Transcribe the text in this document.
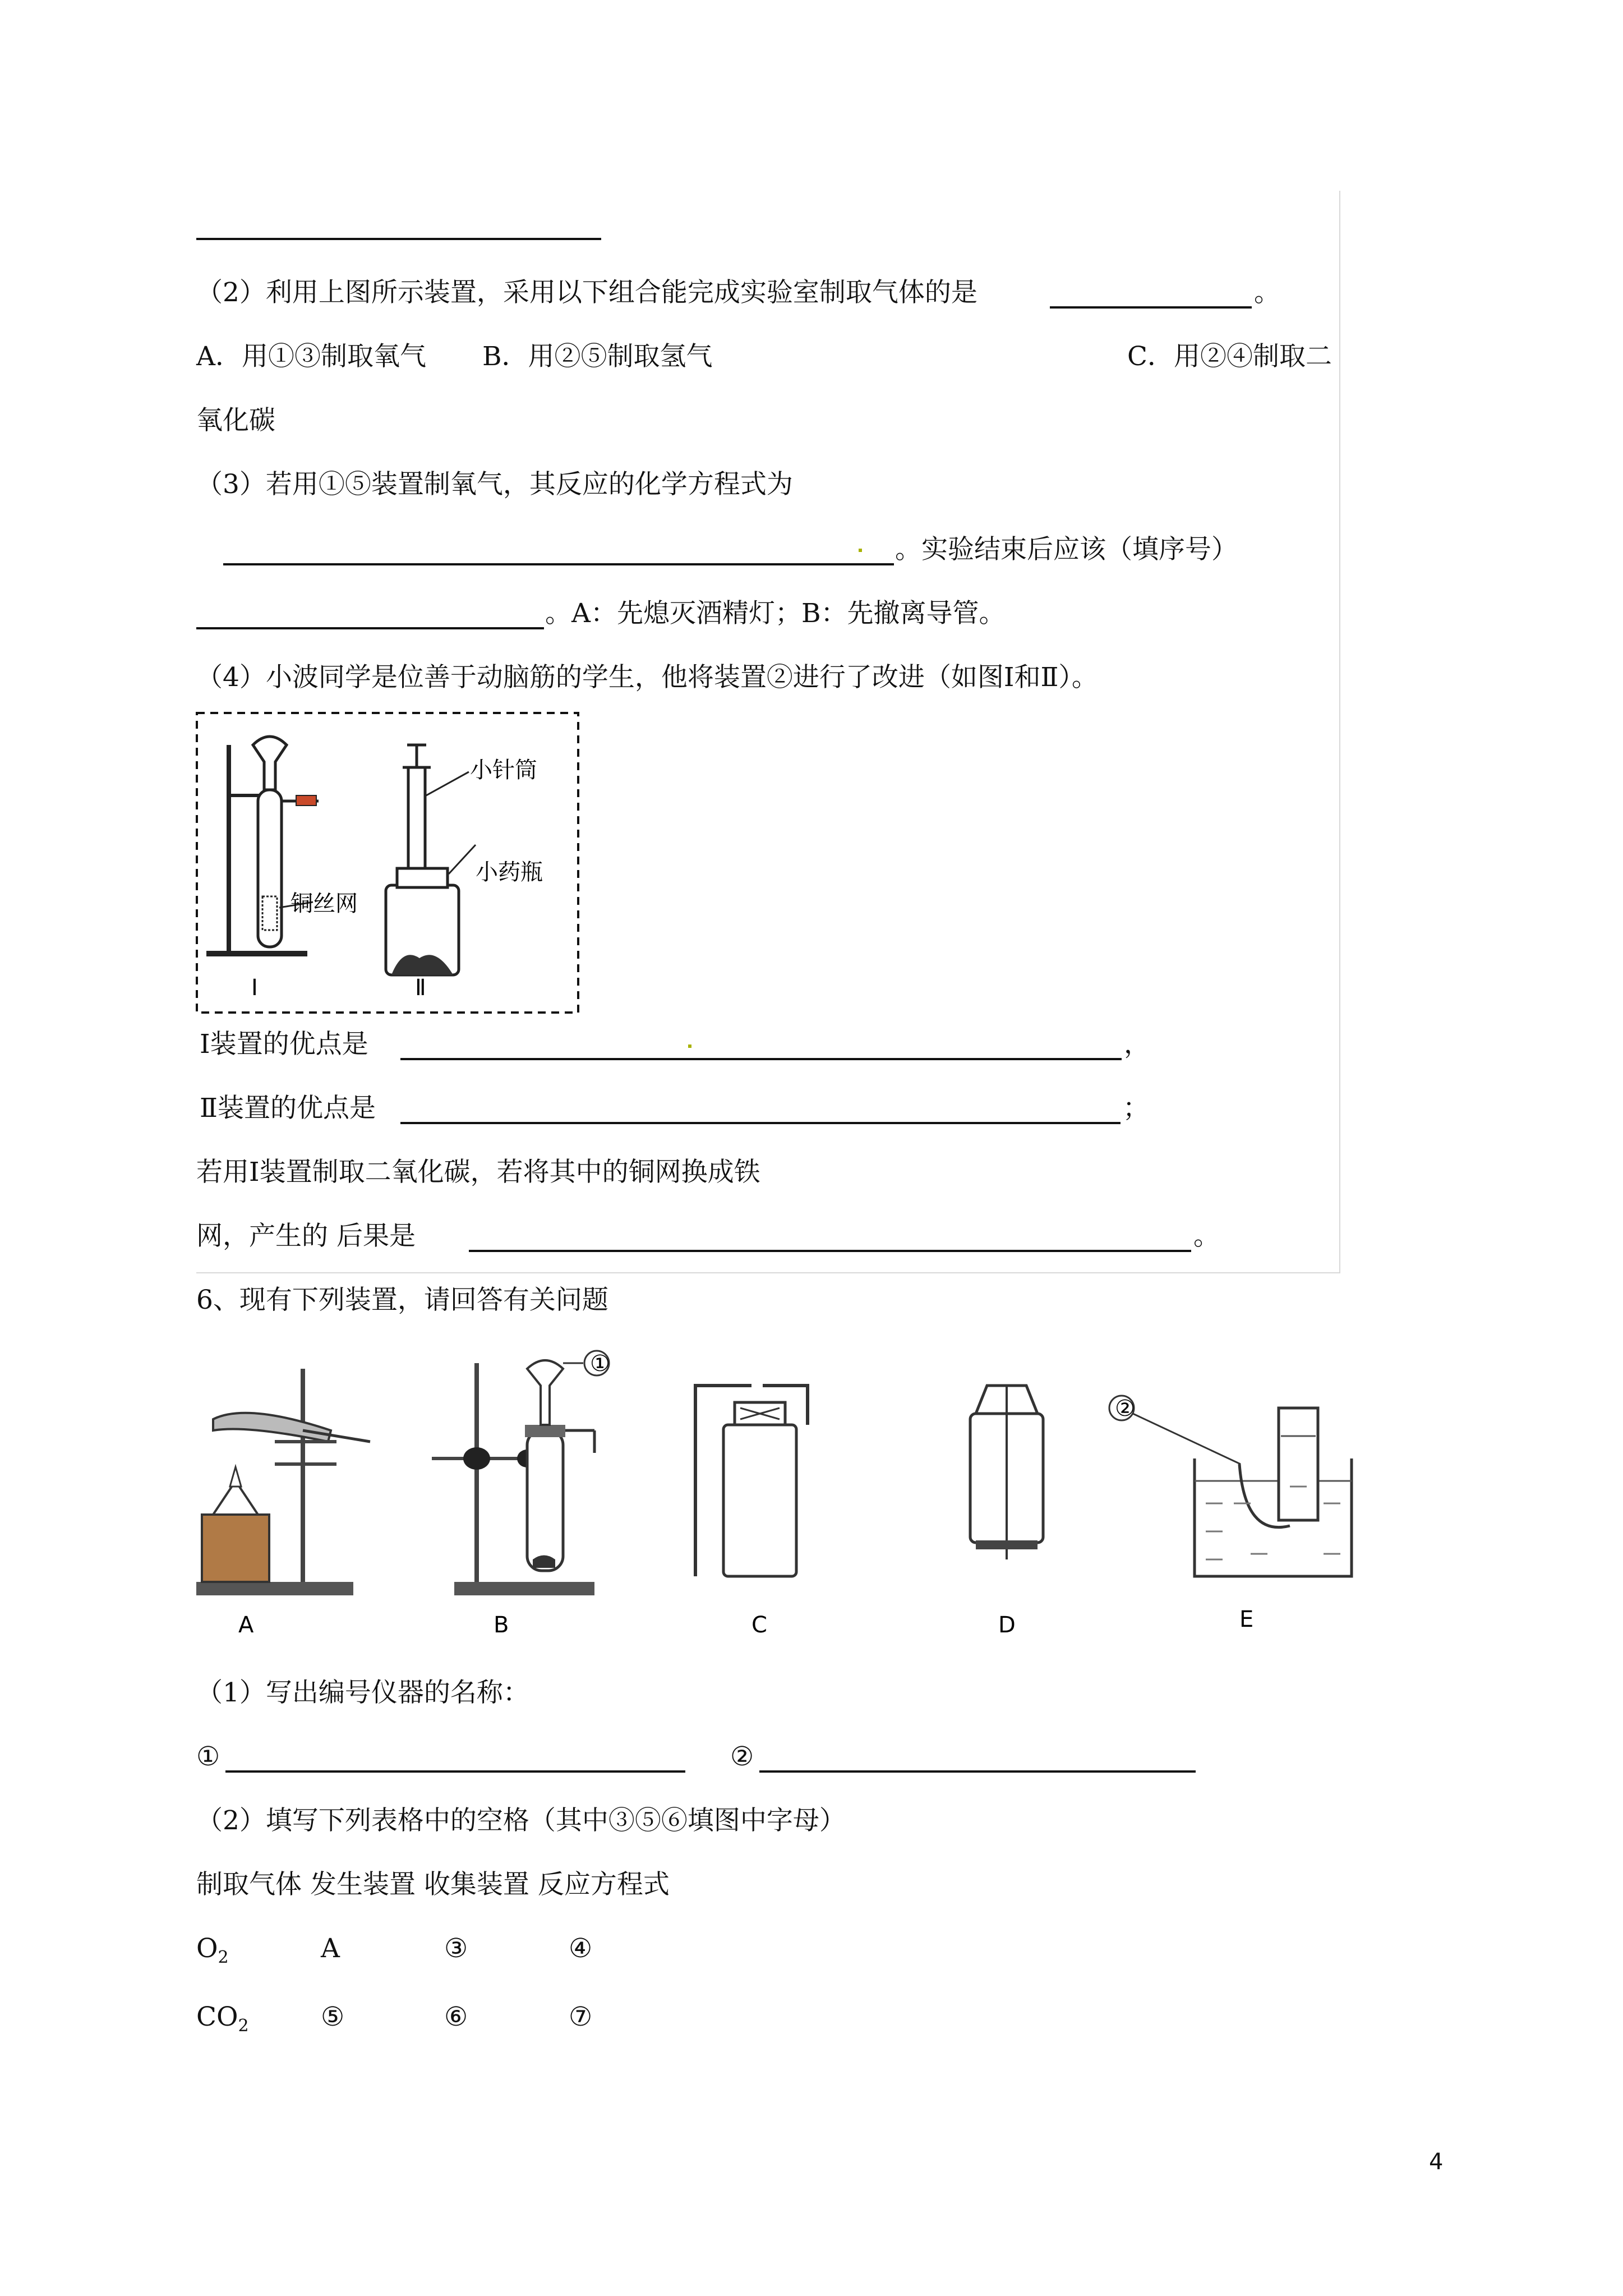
（2）利用上图所示装置，采用以下组合能完成实验室制取气体的是	。
A．用①③制取氧气 B．用②⑤制取氢气	C．用②④制取二
氧化碳
（3）若用①⑤装置制氧气，其反应的化学方程式为
。实验结束后应该（填序号）
。A：先熄灭酒精灯；B：先撤离导管。
（4）小波同学是位善于动脑筋的学生，他将装置②进行了改进（如图Ⅰ和Ⅱ）。
小针筒
小药瓶
铜丝网
Ⅰ	Ⅱ
Ⅰ装置的优点是	，
Ⅱ装置的优点是	；
若用Ⅰ装置制取二氧化碳，若将其中的铜网换成铁
网，产生的 后果是	。
6、现有下列装置，请回答有关问题
A
①
B	C	D
②
E
（1）写出编号仪器的名称：
①	②
（2）填写下列表格中的空格（其中③⑤⑥填图中字母）
制取气体 发生装置 收集装置 反应方程式
$O_2$	A	③	④
$CO_2$	⑤	⑥	⑦
4
